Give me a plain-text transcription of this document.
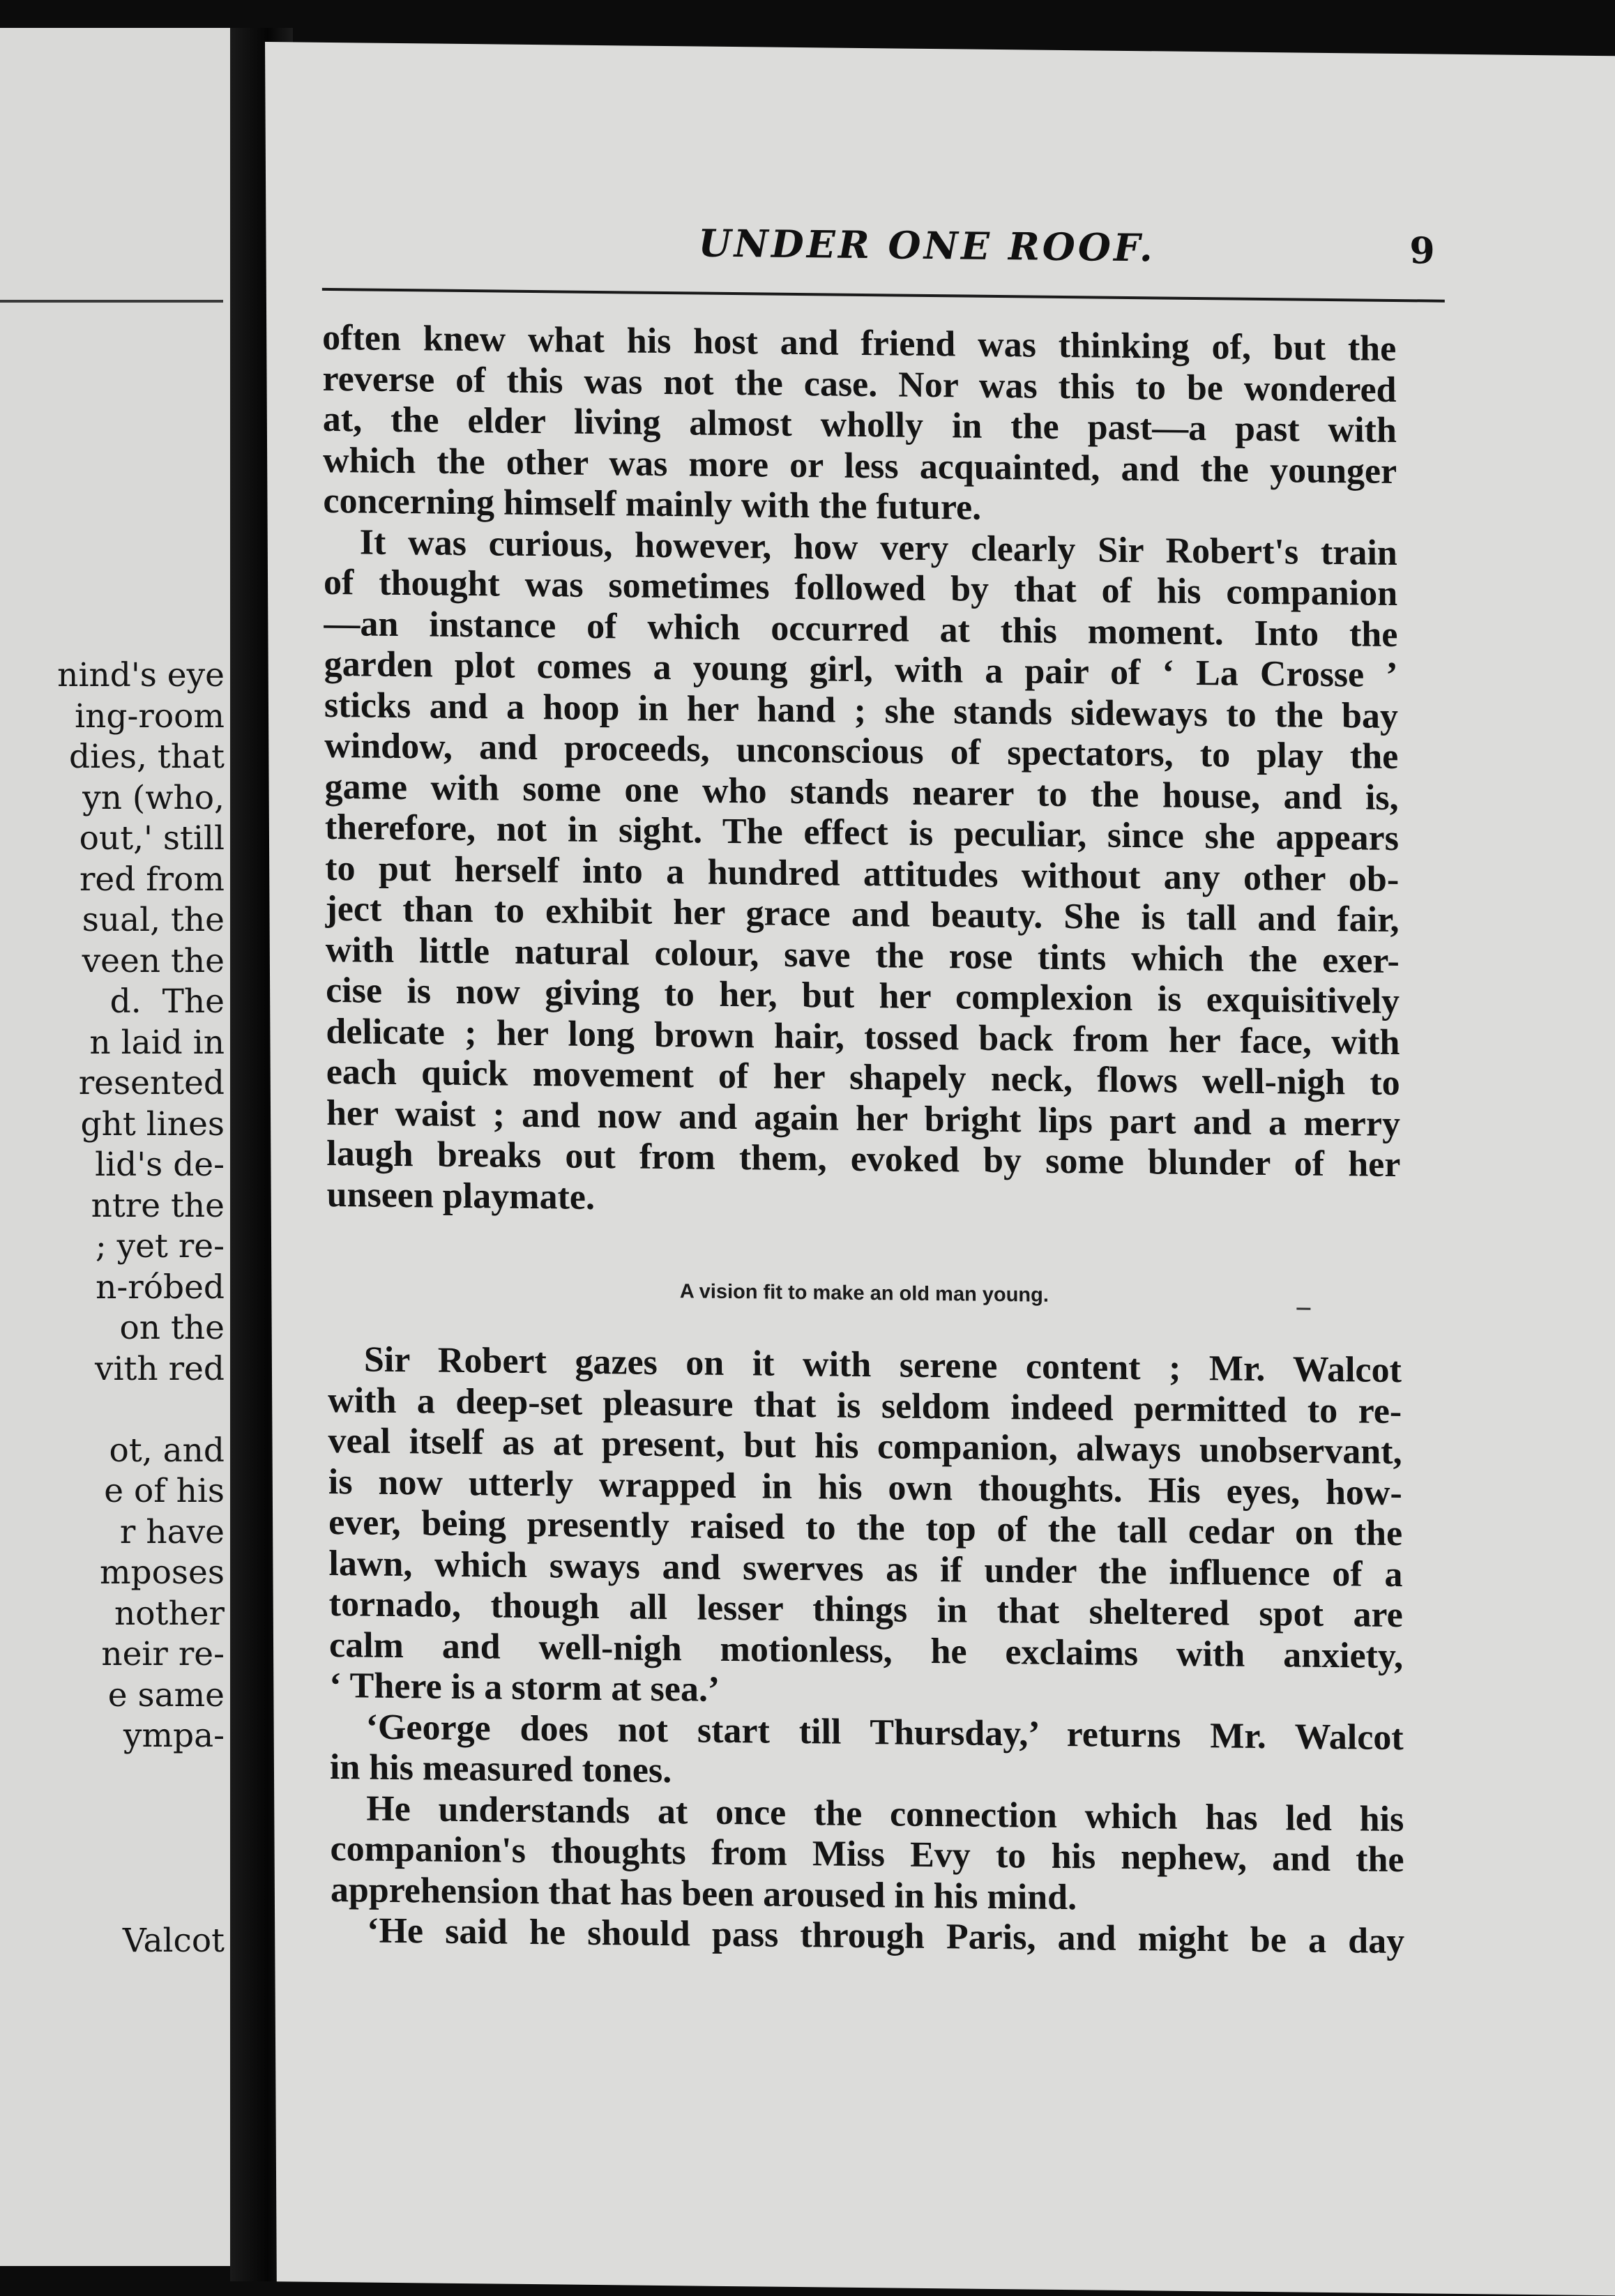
nind's eye
ing-room
dies, that
yn (who,
out,' still
red from
sual, the
veen the
d.  The
n laid in
resented
ght lines
lid's de-
ntre the
; yet re-
n-róbed
on the
vith red
ot, and
e of his
r have
mposes
nother
neir re-
e same
ympa-
Valcot
UNDER ONE ROOF.	9
often knew what his host and friend was thinking of, but the
reverse of this was not the case. Nor was this to be wondered
at, the elder living almost wholly in the past—a past with
which the other was more or less acquainted, and the younger
concerning himself mainly with the future.
It was curious, however, how very clearly Sir Robert's train
of thought was sometimes followed by that of his companion
—an instance of which occurred at this moment. Into the
garden plot comes a young girl, with a pair of ‘ La Crosse ’
sticks and a hoop in her hand ; she stands sideways to the bay
window, and proceeds, unconscious of spectators, to play the
game with some one who stands nearer to the house, and is,
therefore, not in sight. The effect is peculiar, since she appears
to put herself into a hundred attitudes without any other ob-
ject than to exhibit her grace and beauty. She is tall and fair,
with little natural colour, save the rose tints which the exer-
cise is now giving to her, but her complexion is exquisitively
delicate ; her long brown hair, tossed back from her face, with
each quick movement of her shapely neck, flows well-nigh to
her waist ; and now and again her bright lips part and a merry
laugh breaks out from them, evoked by some blunder of her
unseen playmate.
A vision fit to make an old man young.
Sir Robert gazes on it with serene content ; Mr. Walcot
with a deep-set pleasure that is seldom indeed permitted to re-
veal itself as at present, but his companion, always unobservant,
is now utterly wrapped in his own thoughts. His eyes, how-
ever, being presently raised to the top of the tall cedar on the
lawn, which sways and swerves as if under the influence of a
tornado, though all lesser things in that sheltered spot are
calm and well-nigh motionless, he exclaims with anxiety,
‘ There is a storm at sea.’
‘George does not start till Thursday,’ returns Mr. Walcot
in his measured tones.
He understands at once the connection which has led his
companion's thoughts from Miss Evy to his nephew, and the
apprehension that has been aroused in his mind.
‘He said he should pass through Paris, and might be a day
